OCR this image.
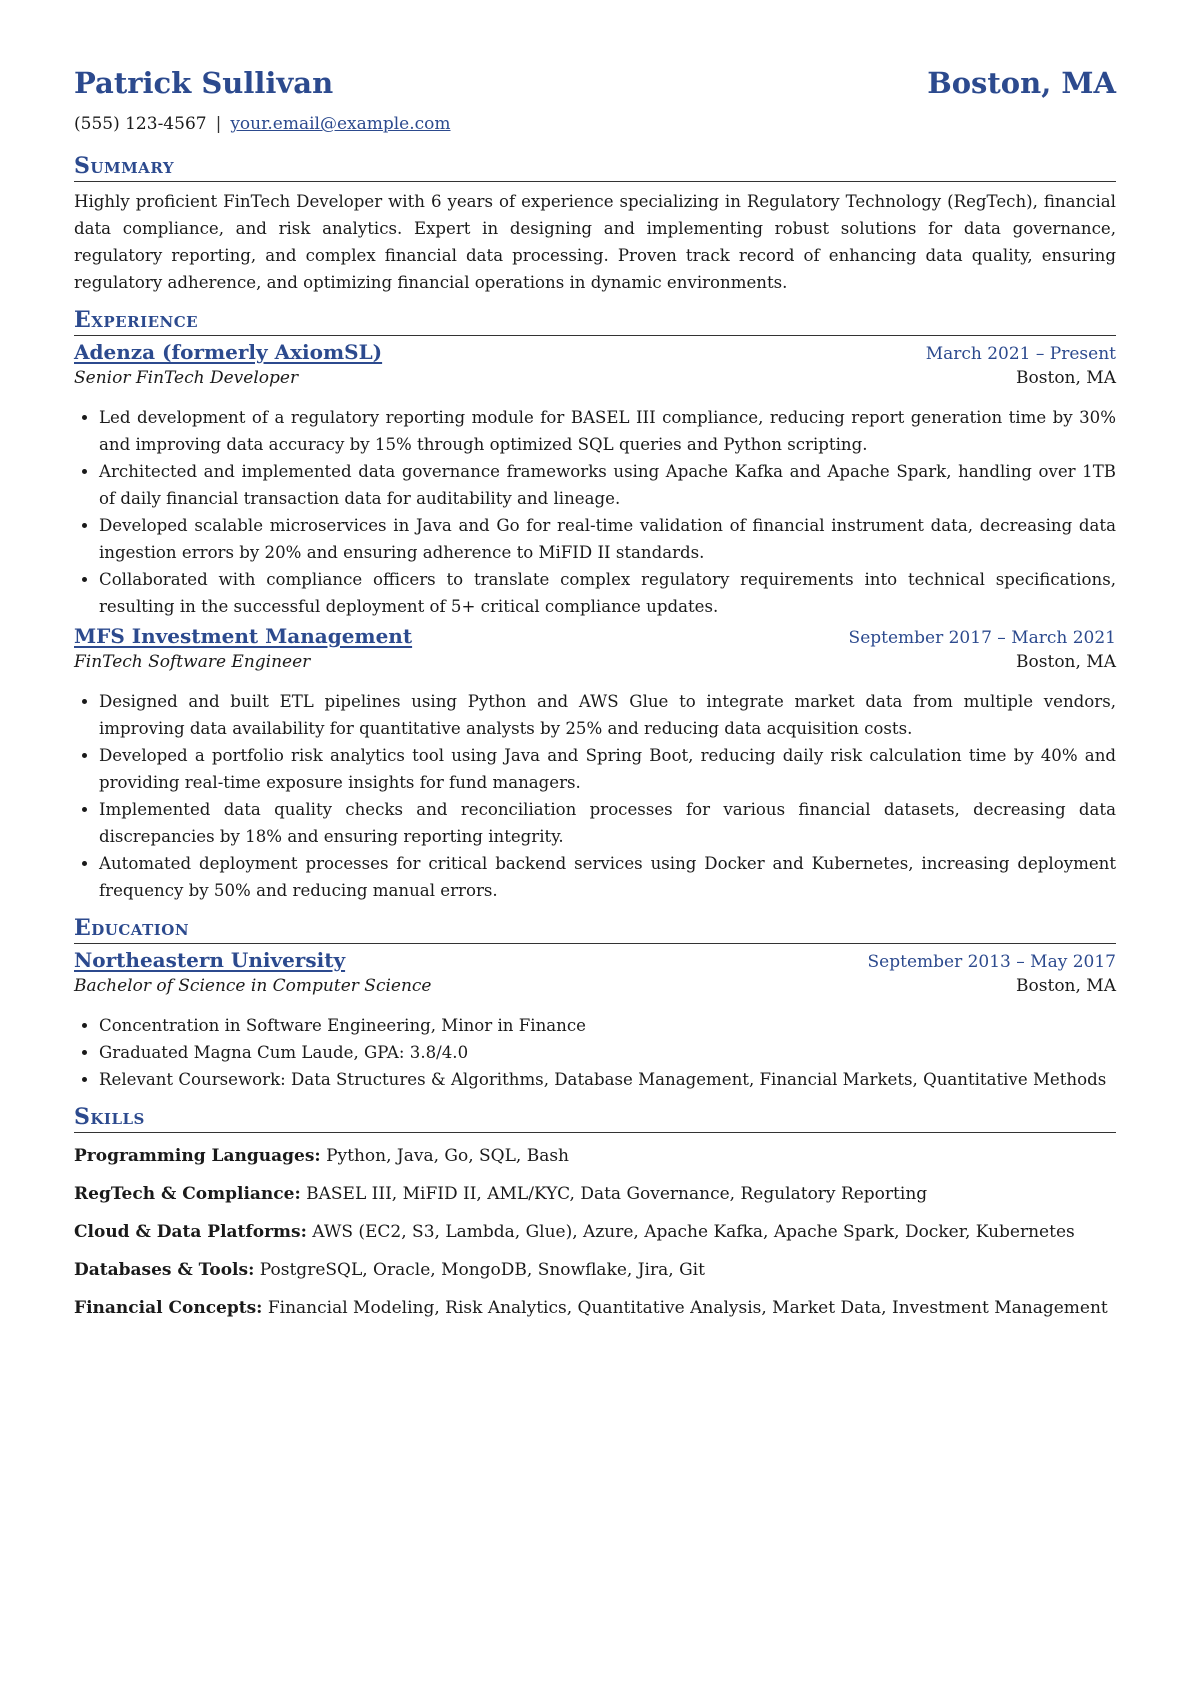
Patrick Sullivan	Boston, MA
(555) 123-4567 | your.email@example.com
Summary
Highly proficient FinTech Developer with 6 years of experience specializing in Regulatory Technology (RegTech), financial data compliance, and risk analytics. Expert in designing and implementing robust solutions for data governance, regulatory reporting, and complex financial data processing. Proven track record of enhancing data quality, ensuring regulatory adherence, and optimizing financial operations in dynamic environments.
Experience
Adenza (formerly AxiomSL)	March 2021 – Present
Senior FinTech Developer	Boston, MA
• Led development of a regulatory reporting module for BASEL III compliance, reducing report generation time by 30% and improving data accuracy by 15% through optimized SQL queries and Python scripting.
• Architected and implemented data governance frameworks using Apache Kafka and Apache Spark, handling over 1TB of daily financial transaction data for auditability and lineage.
• Developed scalable microservices in Java and Go for real-time validation of financial instrument data, decreasing data ingestion errors by 20% and ensuring adherence to MiFID II standards.
• Collaborated with compliance officers to translate complex regulatory requirements into technical specifications, resulting in the successful deployment of 5+ critical compliance updates.
MFS Investment Management	September 2017 – March 2021
FinTech Software Engineer	Boston, MA
• Designed and built ETL pipelines using Python and AWS Glue to integrate market data from multiple vendors, improving data availability for quantitative analysts by 25% and reducing data acquisition costs.
• Developed a portfolio risk analytics tool using Java and Spring Boot, reducing daily risk calculation time by 40% and providing real-time exposure insights for fund managers.
• Implemented data quality checks and reconciliation processes for various financial datasets, decreasing data discrepancies by 18% and ensuring reporting integrity.
• Automated deployment processes for critical backend services using Docker and Kubernetes, increasing deployment frequency by 50% and reducing manual errors.
Education
Northeastern University	September 2013 – May 2017
Bachelor of Science in Computer Science	Boston, MA
• Concentration in Software Engineering, Minor in Finance
• Graduated Magna Cum Laude, GPA: 3.8/4.0
• Relevant Coursework: Data Structures & Algorithms, Database Management, Financial Markets, Quantitative Methods
Skills
Programming Languages: Python, Java, Go, SQL, Bash
RegTech & Compliance: BASEL III, MiFID II, AML/KYC, Data Governance, Regulatory Reporting
Cloud & Data Platforms: AWS (EC2, S3, Lambda, Glue), Azure, Apache Kafka, Apache Spark, Docker, Kubernetes
Databases & Tools: PostgreSQL, Oracle, MongoDB, Snowflake, Jira, Git
Financial Concepts: Financial Modeling, Risk Analytics, Quantitative Analysis, Market Data, Investment Management
